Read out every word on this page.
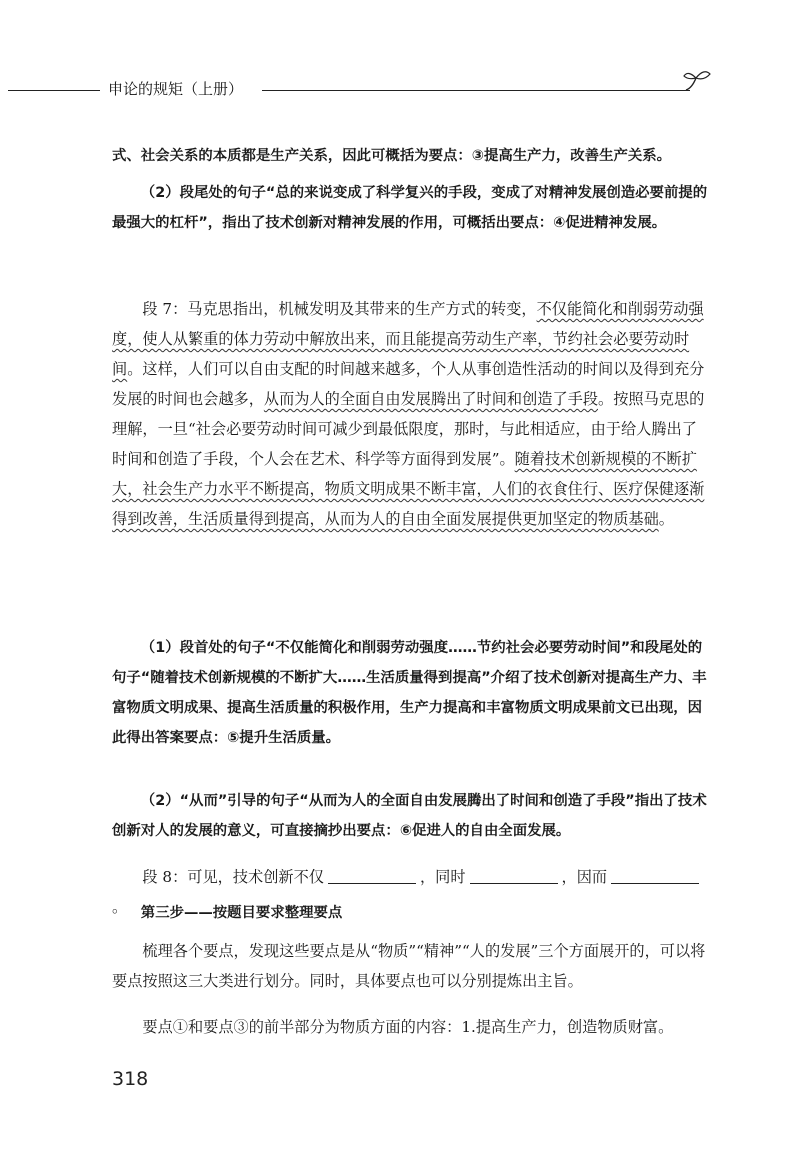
申论的规矩（上册）

式、社会关系的本质都是生产关系，因此可概括为要点：③提高生产力，改善生产关系。

（2）段尾处的句子“总的来说变成了科学复兴的手段，变成了对精神发展创造必要前提的最强大的杠杆”，指出了技术创新对精神发展的作用，可概括出要点：④促进精神发展。

段 7：马克思指出，机械发明及其带来的生产方式的转变，不仅能简化和削弱劳动强度，使人从繁重的体力劳动中解放出来，而且能提高劳动生产率，节约社会必要劳动时间。这样，人们可以自由支配的时间越来越多，个人从事创造性活动的时间以及得到充分发展的时间也会越多，从而为人的全面自由发展腾出了时间和创造了手段。按照马克思的理解，一旦“社会必要劳动时间可减少到最低限度，那时，与此相适应，由于给人腾出了时间和创造了手段，个人会在艺术、科学等方面得到发展”。随着技术创新规模的不断扩大，社会生产力水平不断提高，物质文明成果不断丰富，人们的衣食住行、医疗保健逐渐得到改善，生活质量得到提高，从而为人的自由全面发展提供更加坚定的物质基础。

（1）段首处的句子“不仅能简化和削弱劳动强度……节约社会必要劳动时间”和段尾处的句子“随着技术创新规模的不断扩大……生活质量得到提高”介绍了技术创新对提高生产力、丰富物质文明成果、提高生活质量的积极作用，生产力提高和丰富物质文明成果前文已出现，因此得出答案要点：⑤提升生活质量。

（2）“从而”引导的句子“从而为人的全面自由发展腾出了时间和创造了手段”指出了技术创新对人的发展的意义，可直接摘抄出要点：⑥促进人的自由全面发展。

段 8：可见，技术创新不仅	，同时	，因而。 第三步——按题目要求整理要点

梳理各个要点，发现这些要点是从“物质”“精神”“人的发展”三个方面展开的，可以将要点按照这三大类进行划分。同时，具体要点也可以分别提炼出主旨。

要点①和要点③的前半部分为物质方面的内容：1.提高生产力，创造物质财富。

318
